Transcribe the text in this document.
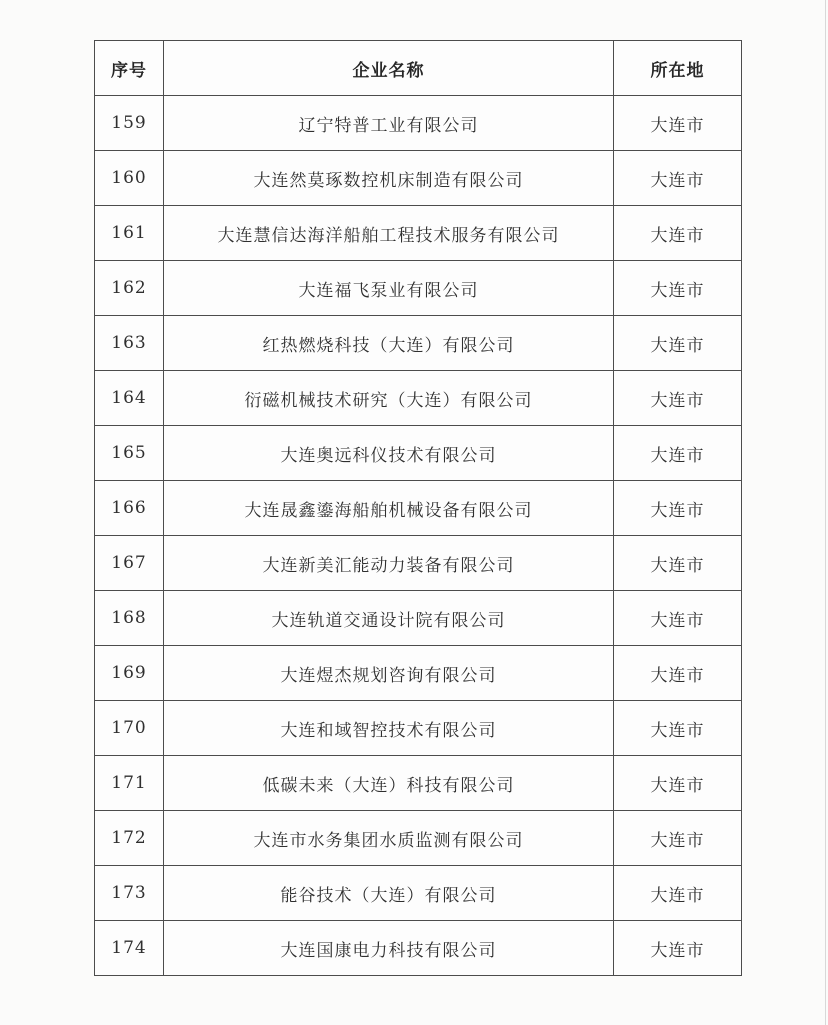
序号	企业名称	所在地
159	辽宁特普工业有限公司	大连市
160	大连然莫琢数控机床制造有限公司	大连市
161	大连慧信达海洋船舶工程技术服务有限公司	大连市
162	大连福飞泵业有限公司	大连市
163	红热燃烧科技（大连）有限公司	大连市
164	衍磁机械技术研究（大连）有限公司	大连市
165	大连奥远科仪技术有限公司	大连市
166	大连晟鑫鎏海船舶机械设备有限公司	大连市
167	大连新美汇能动力装备有限公司	大连市
168	大连轨道交通设计院有限公司	大连市
169	大连煜杰规划咨询有限公司	大连市
170	大连和域智控技术有限公司	大连市
171	低碳未来（大连）科技有限公司	大连市
172	大连市水务集团水质监测有限公司	大连市
173	能谷技术（大连）有限公司	大连市
174	大连国康电力科技有限公司	大连市
